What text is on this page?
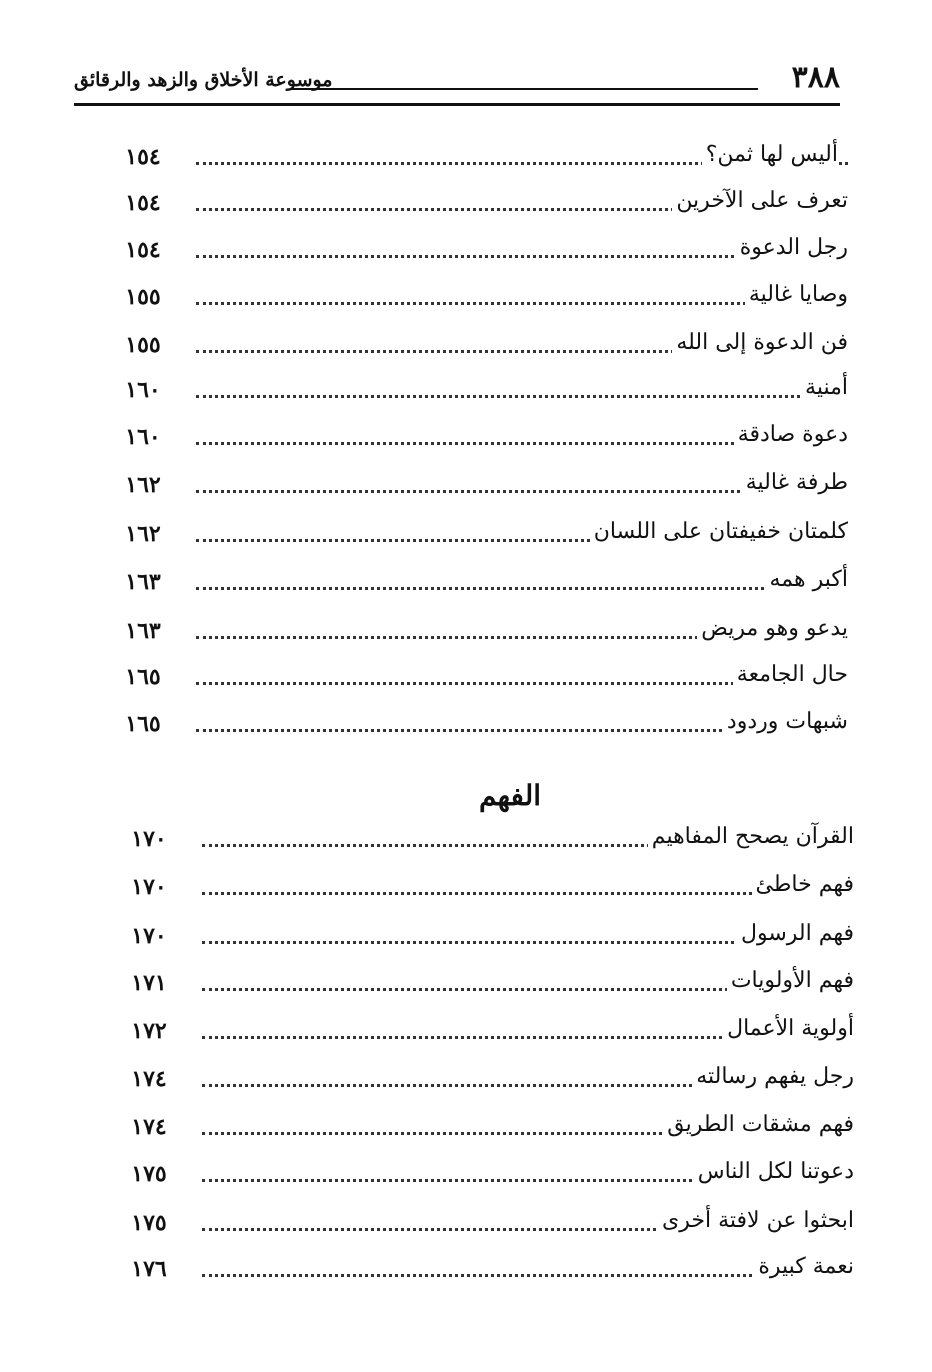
٣٨٨
موسوعة الأخلاق والزهد والرقائق
أليس لها ثمن؟
١٥٤
تعرف على الآخرين
١٥٤
رجل الدعوة
١٥٤
وصايا غالية
١٥٥
فن الدعوة إلى الله
١٥٥
أمنية
١٦٠
دعوة صادقة
١٦٠
طرفة غالية
١٦٢
كلمتان خفيفتان على اللسان
١٦٢
أكبر همه
١٦٣
يدعو وهو مريض
١٦٣
حال الجامعة
١٦٥
شبهات وردود
١٦٥
الفهم
القرآن يصحح المفاهيم
١٧٠
فهم خاطئ
١٧٠
فهم الرسول
١٧٠
فهم الأولويات
١٧١
أولوية الأعمال
١٧٢
رجل يفهم رسالته
١٧٤
فهم مشقات الطريق
١٧٤
دعوتنا لكل الناس
١٧٥
ابحثوا عن لافتة أخرى
١٧٥
نعمة كبيرة
١٧٦
